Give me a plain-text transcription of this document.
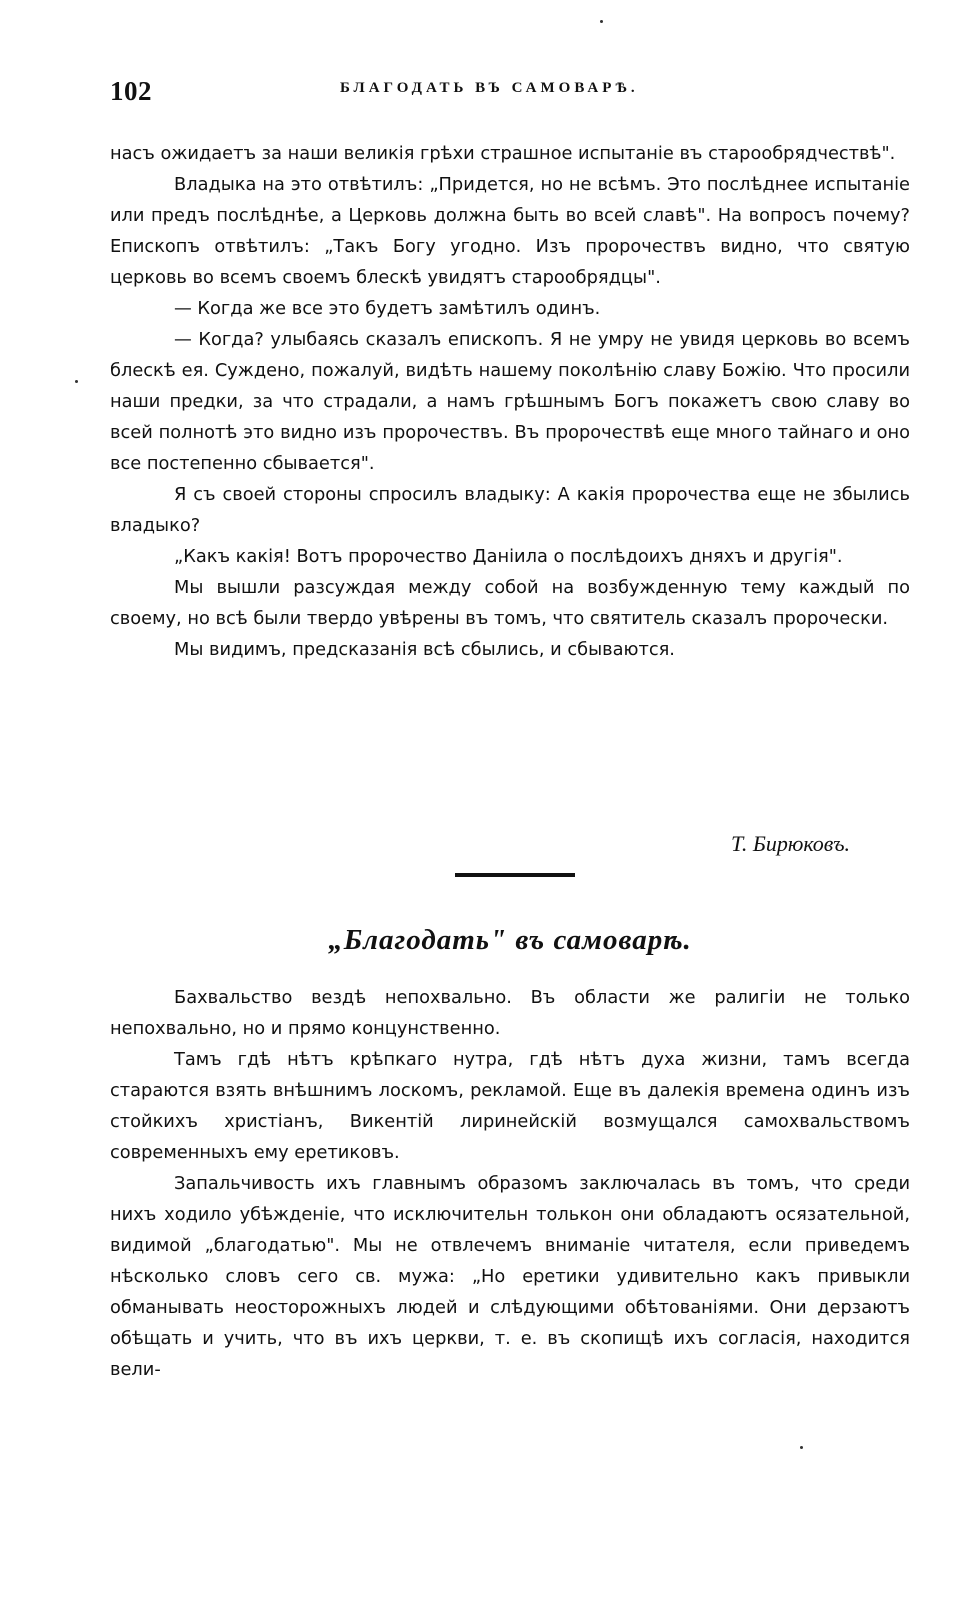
102	БЛАГОДАТЬ ВЪ САМОВАРѢ.

насъ ожидаетъ за наши великія грѣхи страшное испытаніе въ старообрядчествѣ".

Владыка на это отвѣтилъ: „Придется, но не всѣмъ. Это послѣднее испытаніе или предъ послѣднѣе, а Церковь должна быть во всей славѣ". На вопросъ почему? Епископъ отвѣтилъ: „Такъ Богу угодно. Изъ пророчествъ видно, что святую церковь во всемъ своемъ блескѣ увидятъ старообрядцы".

— Когда же все это будетъ замѣтилъ одинъ.

— Когда? улыбаясь сказалъ епископъ. Я не умру не увидя церковь во всемъ блескѣ ея. Суждено, пожалуй, видѣть нашему поколѣнію славу Божію. Что просили наши предки, за что страдали, а намъ грѣшнымъ Богъ покажетъ свою славу во всей полнотѣ это видно изъ пророчествъ. Въ пророчествѣ еще много тайнаго и оно все постепенно сбывается".

Я съ своей стороны спросилъ владыку: А какія пророчества еще не збылись владыко?

„Какъ какія! Вотъ пророчество Даніила о послѣдоихъ дняхъ и другія".

Мы вышли разсуждая между собой на возбужденную тему каждый по своему, но всѣ были твердо увѣрены въ томъ, что святитель сказалъ пророчески.

Мы видимъ, предсказанія всѣ сбылись, и сбываются.

Т. Бирюковъ.
„Благодать" въ самоварѣ.

Бахвальство вездѣ непохвально. Въ области же ралигіи не только непохвально, но и прямо концунственно.

Тамъ гдѣ нѣтъ крѣпкаго нутра, гдѣ нѣтъ духа жизни, тамъ всегда стараются взять внѣшнимъ лоскомъ, рекламой. Еще въ далекія времена одинъ изъ стойкихъ христіанъ, Викентій лиринейскій возмущался самохвальствомъ современныхъ ему еретиковъ.

Запальчивость ихъ главнымъ образомъ заключалась въ томъ, что среди нихъ ходило убѣжденіе, что исключительн толькон они обладаютъ осязательной, видимой „благодатью". Мы не отвлечемъ вниманіе читателя, если приведемъ нѣсколько словъ сего св. мужа: „Но еретики удивительно какъ привыкли обманывать неосторожныхъ людей и слѣдующими обѣтованіями. Они дерзаютъ обѣщать и учить, что въ ихъ церкви, т. е. въ скопищѣ ихъ согласія, находится вели-
